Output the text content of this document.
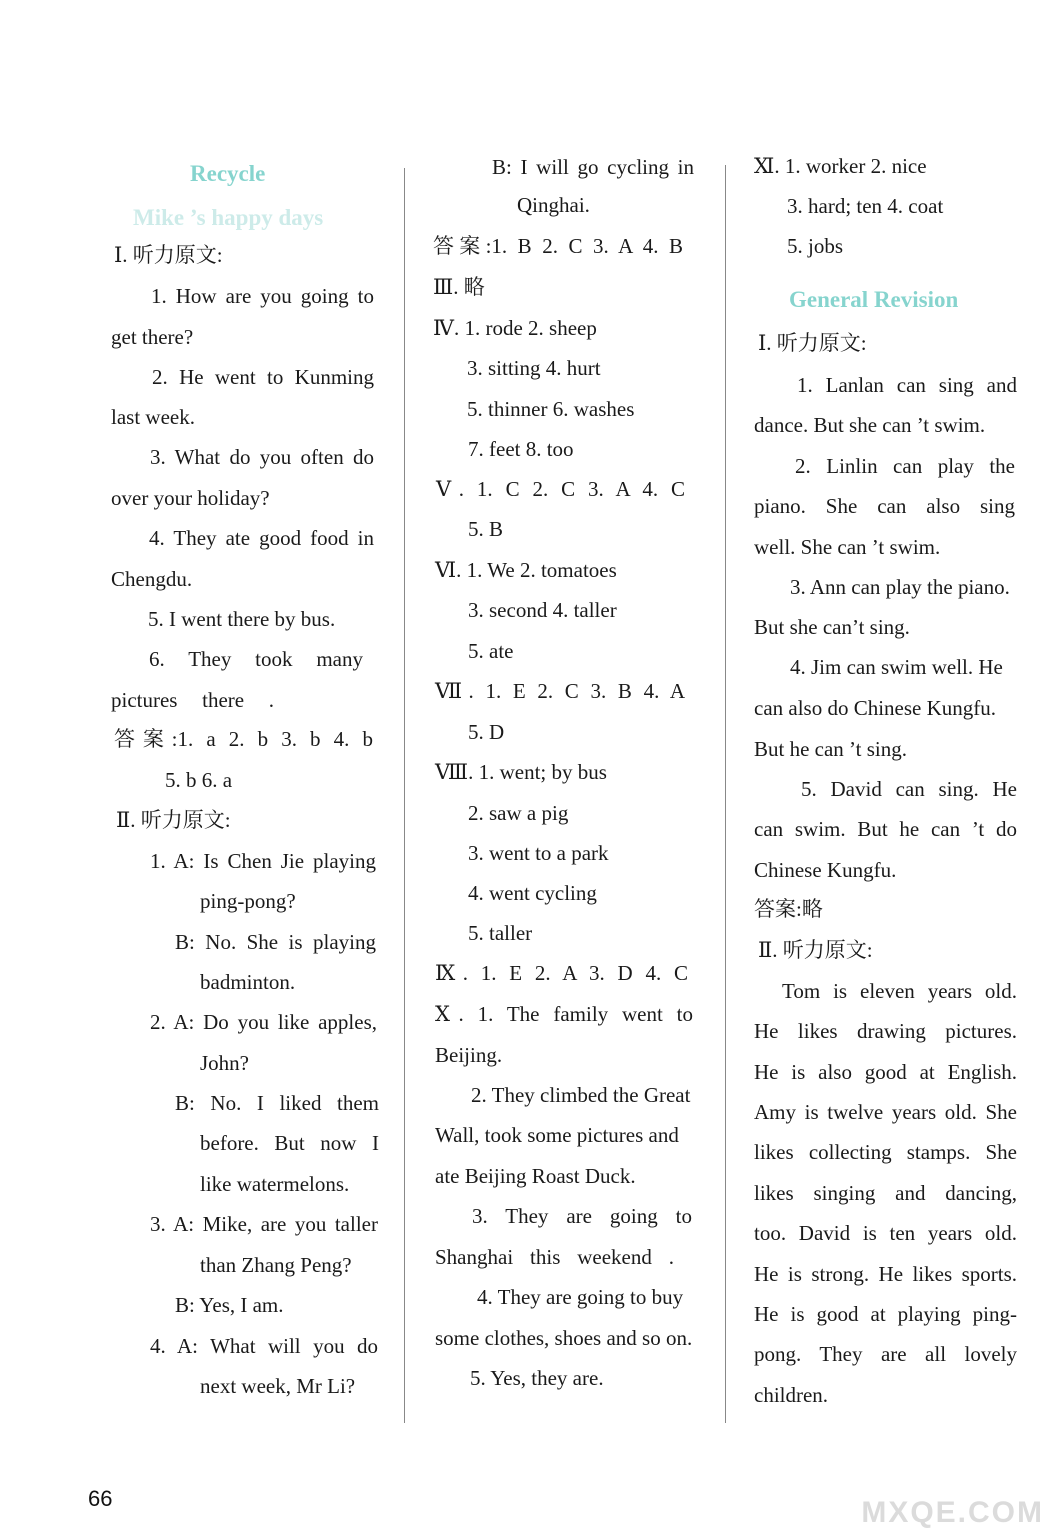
Recycle
Mike ’s happy days
Ⅰ. 听力原文:
1. How are you going to
get there?
2. He went to Kunming
last week.
3. What do you often do
over your holiday?
4. They ate good food in
Chengdu.
5. I went there by bus.
6. They took many
pictures there .
答案:1. a 2. b 3. b 4. b
5. b 6. a
Ⅱ. 听力原文:
1. A: Is Chen Jie playing
ping-pong?
B: No. She is playing
badminton.
2. A: Do you like apples,
John?
B: No. I liked them
before. But now I
like watermelons.
3. A: Mike, are you taller
than Zhang Peng?
B: Yes, I am.
4. A: What will you do
next week, Mr Li?
B: I will go cycling in
Qinghai.
答案:1. B 2. C 3. A 4. B
Ⅲ. 略
Ⅳ. 1. rode 2. sheep
3. sitting 4. hurt
5. thinner 6. washes
7. feet 8. too
Ⅴ. 1. C 2. C 3. A 4. C
5. B
Ⅵ. 1. We 2. tomatoes
3. second 4. taller
5. ate
Ⅶ. 1. E 2. C 3. B 4. A
5. D
Ⅷ. 1. went; by bus
2. saw a pig
3. went to a park
4. went cycling
5. taller
Ⅸ. 1. E 2. A 3. D 4. C
Ⅹ. 1. The family went to
Beijing.
2. They climbed the Great
Wall, took some pictures and
ate Beijing Roast Duck.
3. They are going to
Shanghai this weekend .
4. They are going to buy
some clothes, shoes and so on.
5. Yes, they are.
Ⅺ. 1. worker 2. nice
3. hard; ten 4. coat
5. jobs
General Revision
Ⅰ. 听力原文:
1. Lanlan can sing and
dance. But she can ’t swim.
2. Linlin can play the
piano. She can also sing
well. She can ’t swim.
3. Ann can play the piano.
But she can’t sing.
4. Jim can swim well. He
can also do Chinese Kungfu.
But he can ’t sing.
5. David can sing. He
can swim. But he can ’t do
Chinese Kungfu.
答案:略
Ⅱ. 听力原文:
Tom is eleven years old.
He likes drawing pictures.
He is also good at English.
Amy is twelve years old. She
likes collecting stamps. She
likes singing and dancing,
too. David is ten years old.
He is strong. He likes sports.
He is good at playing ping-
pong. They are all lovely
children.
66	MXQE.COM
